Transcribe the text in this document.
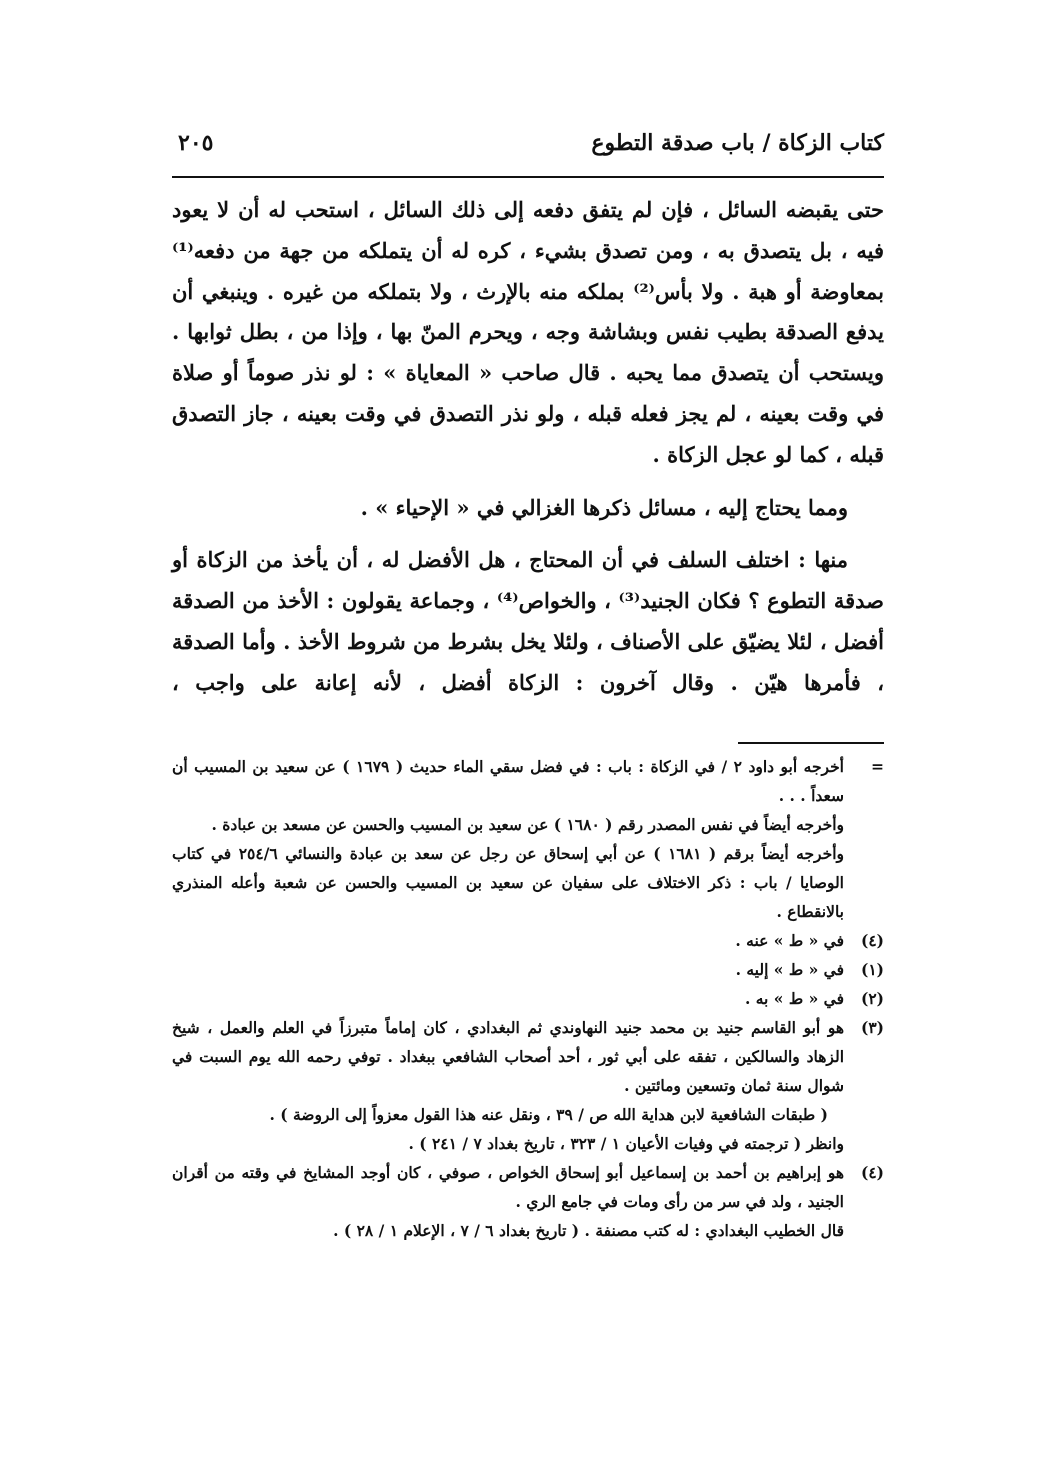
كتاب الزكاة / باب صدقة التطوع
٢٠٥

حتى يقبضه السائل ، فإن لم يتفق دفعه إلى ذلك السائل ، استحب له أن لا يعود فيه ، بل يتصدق به ، ومن تصدق بشيء ، كره له أن يتملكه من جهة من دفعه⁽¹⁾ بمعاوضة أو هبة . ولا بأس⁽²⁾ بملكه منه بالإرث ، ولا بتملكه من غيره . وينبغي أن يدفع الصدقة بطيب نفس وبشاشة وجه ، ويحرم المنّ بها ، وإذا من ، بطل ثوابها . ويستحب أن يتصدق مما يحبه . قال صاحب « المعاياة » : لو نذر صوماً أو صلاة في وقت بعينه ، لم يجز فعله قبله ، ولو نذر التصدق في وقت بعينه ، جاز التصدق قبله ، كما لو عجل الزكاة .

ومما يحتاج إليه ، مسائل ذكرها الغزالي في « الإحياء » .

منها : اختلف السلف في أن المحتاج ، هل الأفضل له ، أن يأخذ من الزكاة أو صدقة التطوع ؟ فكان الجنيد⁽³⁾ ، والخواص⁽⁴⁾ ، وجماعة يقولون : الأخذ من الصدقة أفضل ، لئلا يضيّق على الأصناف ، ولئلا يخل بشرط من شروط الأخذ . وأما الصدقة ، فأمرها هيّن . وقال آخرون : الزكاة أفضل ، لأنه إعانة على واجب ،

=
أخرجه أبو داود ٢ / في الزكاة : باب : في فضل سقي الماء حديث ( ١٦٧٩ ) عن سعيد بن المسيب أن سعداً . . .
وأخرجه أيضاً في نفس المصدر رقم ( ١٦٨٠ ) عن سعيد بن المسيب والحسن عن مسعد بن عبادة .
وأخرجه أيضاً برقم ( ١٦٨١ ) عن أبي إسحاق عن رجل عن سعد بن عبادة والنسائي ٢٥٤/٦ في كتاب الوصايا / باب : ذكر الاختلاف على سفيان عن سعيد بن المسيب والحسن عن شعبة وأعله المنذري بالانقطاع .
(٤)
في « ط » عنه .
(١)
في « ط » إليه .
(٢)
في « ط » به .
(٣)
هو أبو القاسم جنيد بن محمد جنيد النهاوندي ثم البغدادي ، كان إماماً متبرزاً في العلم والعمل ، شيخ الزهاد والسالكين ، تفقه على أبي ثور ، أحد أصحاب الشافعي ببغداد . توفي رحمه الله يوم السبت في شوال سنة ثمان وتسعين ومائتين .
( طبقات الشافعية لابن هداية الله ص / ٣٩ ، ونقل عنه هذا القول معزواً إلى الروضة ) .
وانظر ( ترجمته في وفيات الأعيان ١ / ٣٢٣ ، تاريخ بغداد ٧ / ٢٤١ ) .
(٤)
هو إبراهيم بن أحمد بن إسماعيل أبو إسحاق الخواص ، صوفي ، كان أوجد المشايخ في وقته من أقران الجنيد ، ولد في سر من رأى ومات في جامع الري .
قال الخطيب البغدادي : له كتب مصنفة . ( تاريخ بغداد ٦ / ٧ ، الإعلام ١ / ٢٨ ) .
